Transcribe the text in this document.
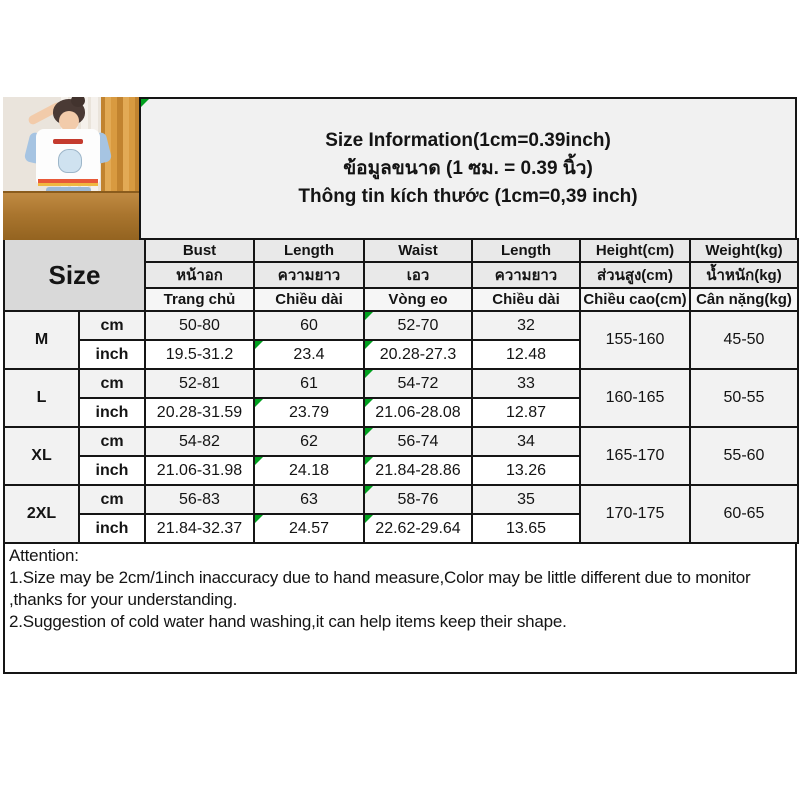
Size Information(1cm=0.39inch)
ข้อมูลขนาด (1 ซม. = 0.39 นิ้ว)
Thông tin kích thước (1cm=0,39 inch)
Size		Bust	Length	Waist	Length	Height(cm)	Weight(kg)
		หน้าอก	ความยาว	เอว	ความยาว	ส่วนสูง(cm)	น้ำหนัก(kg)
		Trang chủ	Chiều dài	Vòng eo	Chiều dài	Chiều cao(cm)	Cân nặng(kg)
M	cm	50-80	60	52-70	32	155-160	45-50
	inch	19.5-31.2	23.4	20.28-27.3	12.48		
L	cm	52-81	61	54-72	33	160-165	50-55
	inch	20.28-31.59	23.79	21.06-28.08	12.87		
XL	cm	54-82	62	56-74	34	165-170	55-60
	inch	21.06-31.98	24.18	21.84-28.86	13.26		
2XL	cm	56-83	63	58-76	35	170-175	60-65
	inch	21.84-32.37	24.57	22.62-29.64	13.65		
Attention:
1.Size may be 2cm/1inch inaccuracy due to hand measure,Color may be little different due to monitor ,thanks for your understanding.
2.Suggestion of cold water hand washing,it can help items keep their shape.
